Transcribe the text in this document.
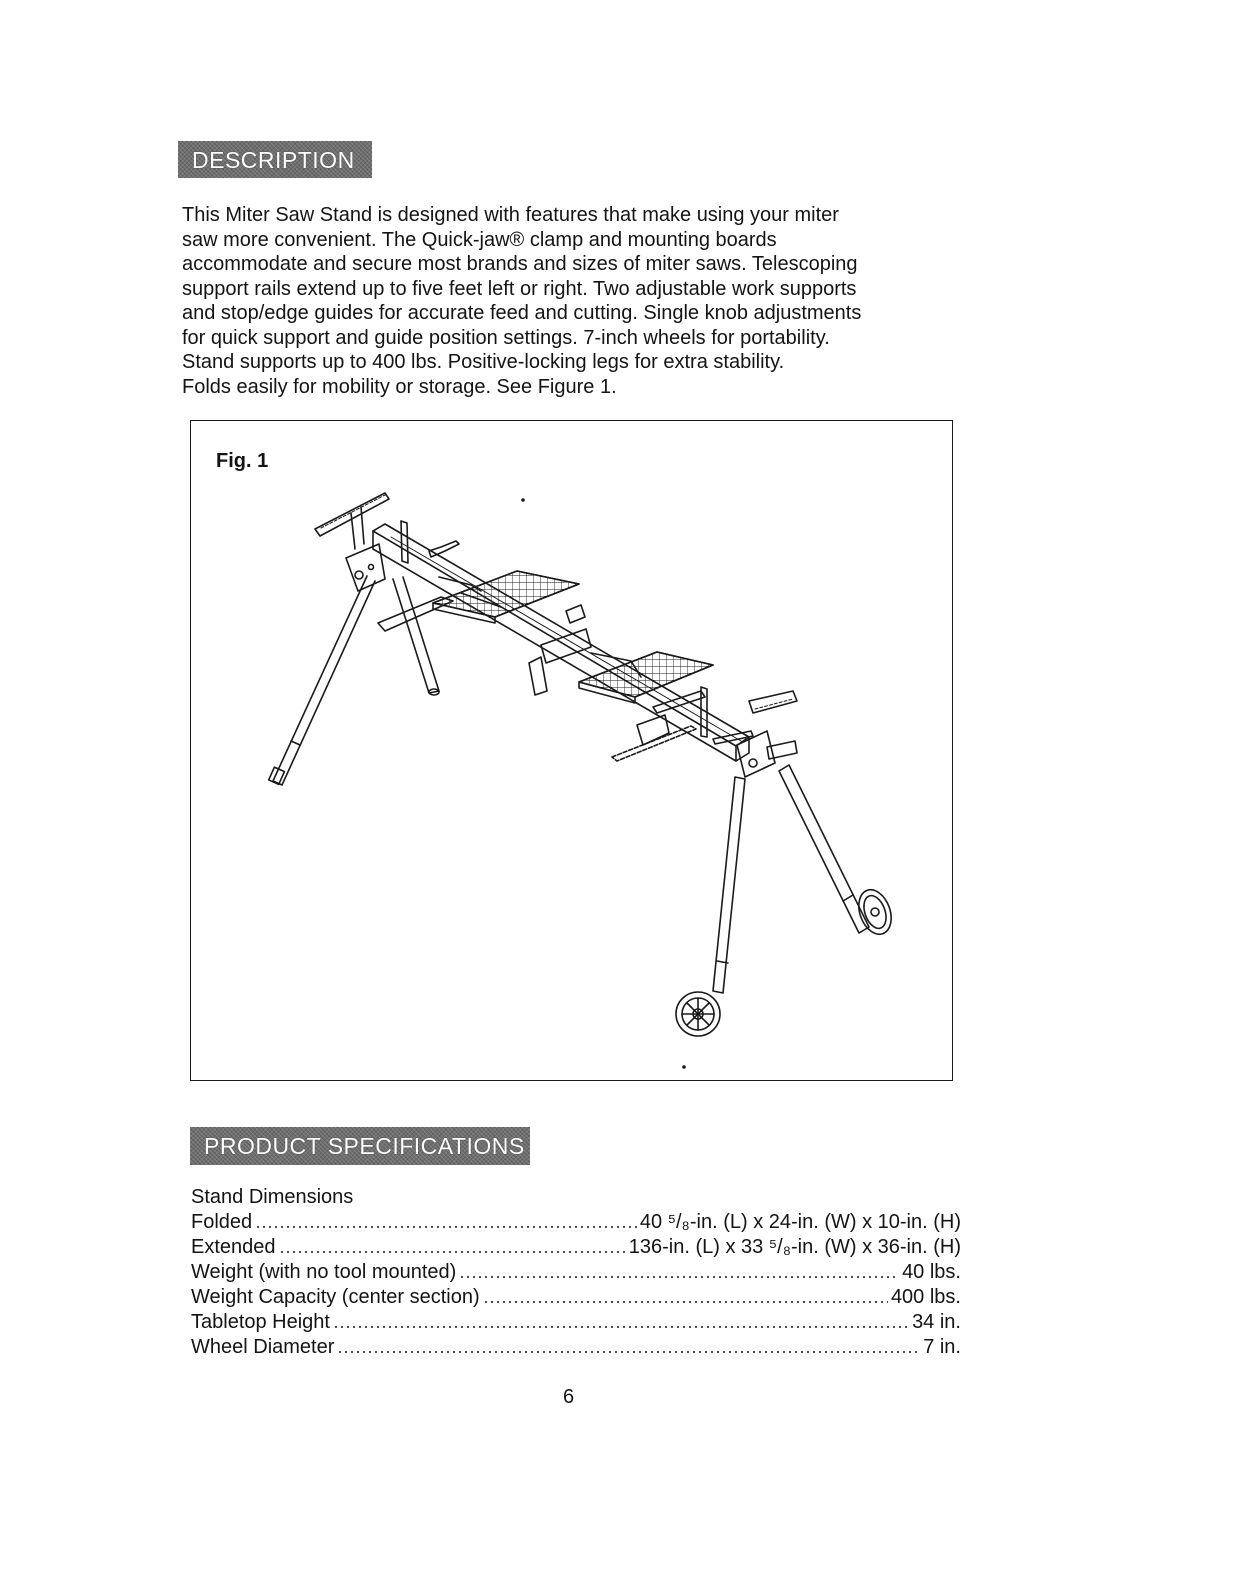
DESCRIPTION
This Miter Saw Stand is designed with features that make using your miter
saw more convenient. The Quick-jaw® clamp and mounting boards
accommodate and secure most brands and sizes of miter saws. Telescoping
support rails extend up to five feet left or right. Two adjustable work supports
and stop/edge guides for accurate feed and cutting. Single knob adjustments
for quick support and guide position settings. 7-inch wheels for portability.
Stand supports up to 400 lbs. Positive-locking legs for extra stability.
Folds easily for mobility or storage. See Figure 1.
Fig. 1
PRODUCT SPECIFICATIONS
Stand Dimensions
Folded	40 ⁵/₈-in. (L) x 24-in. (W) x 10-in. (H)
Extended	136-in. (L) x 33 ⁵/₈-in. (W) x 36-in. (H)
Weight (with no tool mounted)	40 lbs.
Weight Capacity (center section)	400 lbs.
Tabletop Height	34 in.
Wheel Diameter	7 in.
6
